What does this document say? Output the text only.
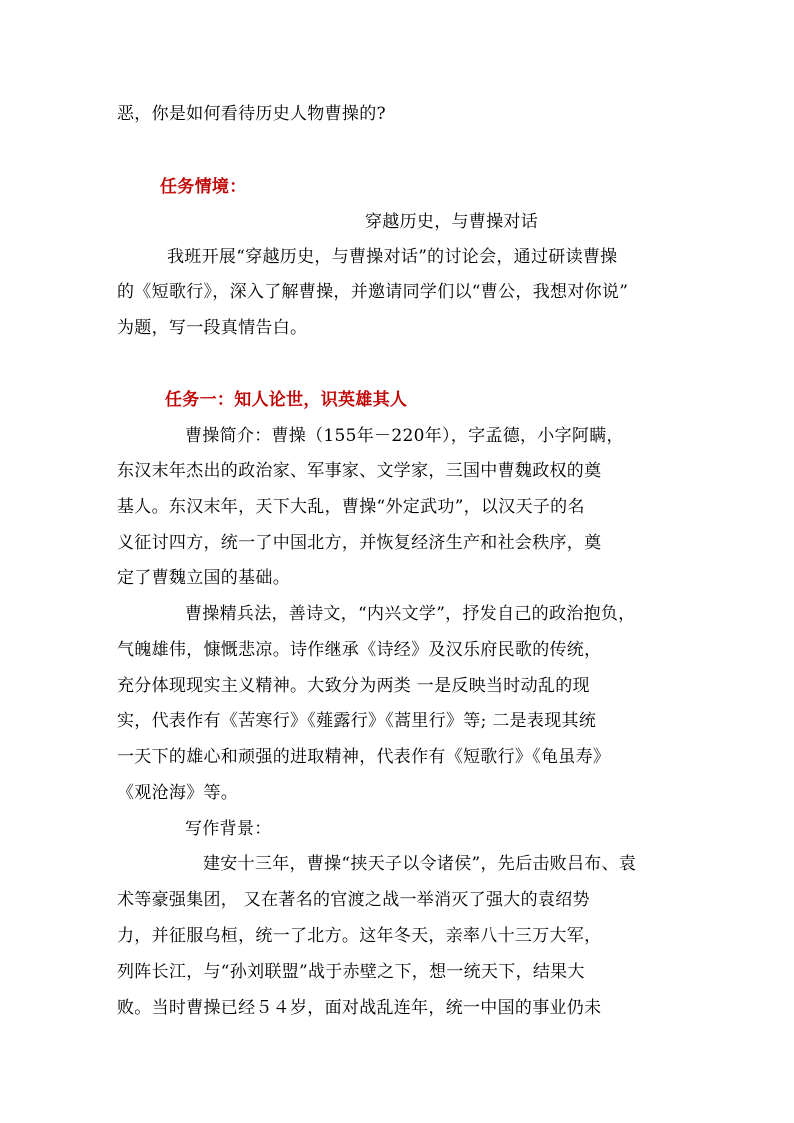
恶，你是如何看待历史人物曹操的?
任务情境：
穿越历史，与曹操对话
我班开展“穿越历史，与曹操对话”的讨论会，通过研读曹操
的《短歌行》，深入了解曹操，并邀请同学们以“曹公，我想对你说”
为题，写一段真情告白。
任务一：知人论世，识英雄其人
曹操简介：曹操（155年－220年），字孟德，小字阿瞒，
东汉末年杰出的政治家、军事家、文学家，三国中曹魏政权的奠
基人。东汉末年，天下大乱，曹操“外定武功”，以汉天子的名
义征讨四方，统一了中国北方，并恢复经济生产和社会秩序，奠
定了曹魏立国的基础。
曹操精兵法，善诗文，“内兴文学”，抒发自己的政治抱负，
气魄雄伟，慷慨悲凉。诗作继承《诗经》及汉乐府民歌的传统，
充分体现现实主义精神。大致分为两类 一是反映当时动乱的现
实，代表作有《苦寒行》《薤露行》《蒿里行》等; 二是表现其统
一天下的雄心和顽强的进取精神，代表作有《短歌行》《龟虽寿》
《观沧海》等。
写作背景：
建安十三年，曹操“挟天子以令诸侯”，先后击败吕布、袁
术等豪强集团， 又在著名的官渡之战一举消灭了强大的袁绍势
力，并征服乌桓，统一了北方。这年冬天，亲率八十三万大军，
列阵长江，与“孙刘联盟”战于赤壁之下，想一统天下，结果大
败。当时曹操已经５４岁，面对战乱连年，统一中国的事业仍未
